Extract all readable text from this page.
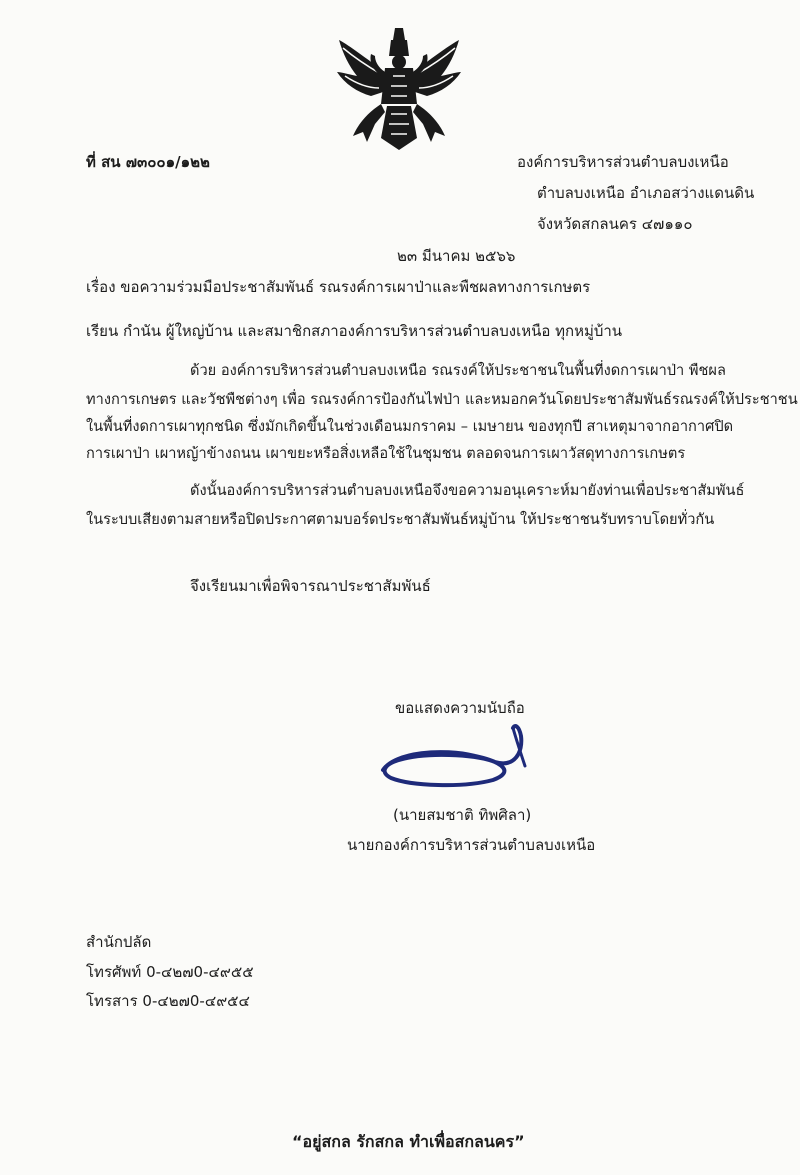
ที่ สน ๗๓๐๐๑/๑๒๒	องค์การบริหารส่วนตำบลบงเหนือ
ตำบลบงเหนือ อำเภอสว่างแดนดิน
จังหวัดสกลนคร ๔๗๑๑๐
๒๓ มีนาคม ๒๕๖๖
เรื่อง ขอความร่วมมือประชาสัมพันธ์ รณรงค์การเผาป่าและพืชผลทางการเกษตร
เรียน กำนัน ผู้ใหญ่บ้าน และสมาชิกสภาองค์การบริหารส่วนตำบลบงเหนือ ทุกหมู่บ้าน
ด้วย องค์การบริหารส่วนตำบลบงเหนือ รณรงค์ให้ประชาชนในพื้นที่งดการเผาป่า พืชผล
ทางการเกษตร และวัชพืชต่างๆ เพื่อ รณรงค์การป้องกันไฟป่า และหมอกควันโดยประชาสัมพันธ์รณรงค์ให้ประชาชน
ในพื้นที่งดการเผาทุกชนิด ซึ่งมักเกิดขึ้นในช่วงเดือนมกราคม – เมษายน ของทุกปี สาเหตุมาจากอากาศปิด
การเผาป่า เผาหญ้าข้างถนน เผาขยะหรือสิ่งเหลือใช้ในชุมชน ตลอดจนการเผาวัสดุทางการเกษตร
ดังนั้นองค์การบริหารส่วนตำบลบงเหนือจึงขอความอนุเคราะห์มายังท่านเพื่อประชาสัมพันธ์
ในระบบเสียงตามสายหรือปิดประกาศตามบอร์ดประชาสัมพันธ์หมู่บ้าน ให้ประชาชนรับทราบโดยทั่วกัน
จึงเรียนมาเพื่อพิจารณาประชาสัมพันธ์
ขอแสดงความนับถือ
(นายสมชาติ ทิพศิลา)
นายกองค์การบริหารส่วนตำบลบงเหนือ
สำนักปลัด
โทรศัพท์ 0-๔๒๗0-๔๙๕๕
โทรสาร 0-๔๒๗0-๔๙๕๔
“อยู่สกล รักสกล ทำเพื่อสกลนคร”
